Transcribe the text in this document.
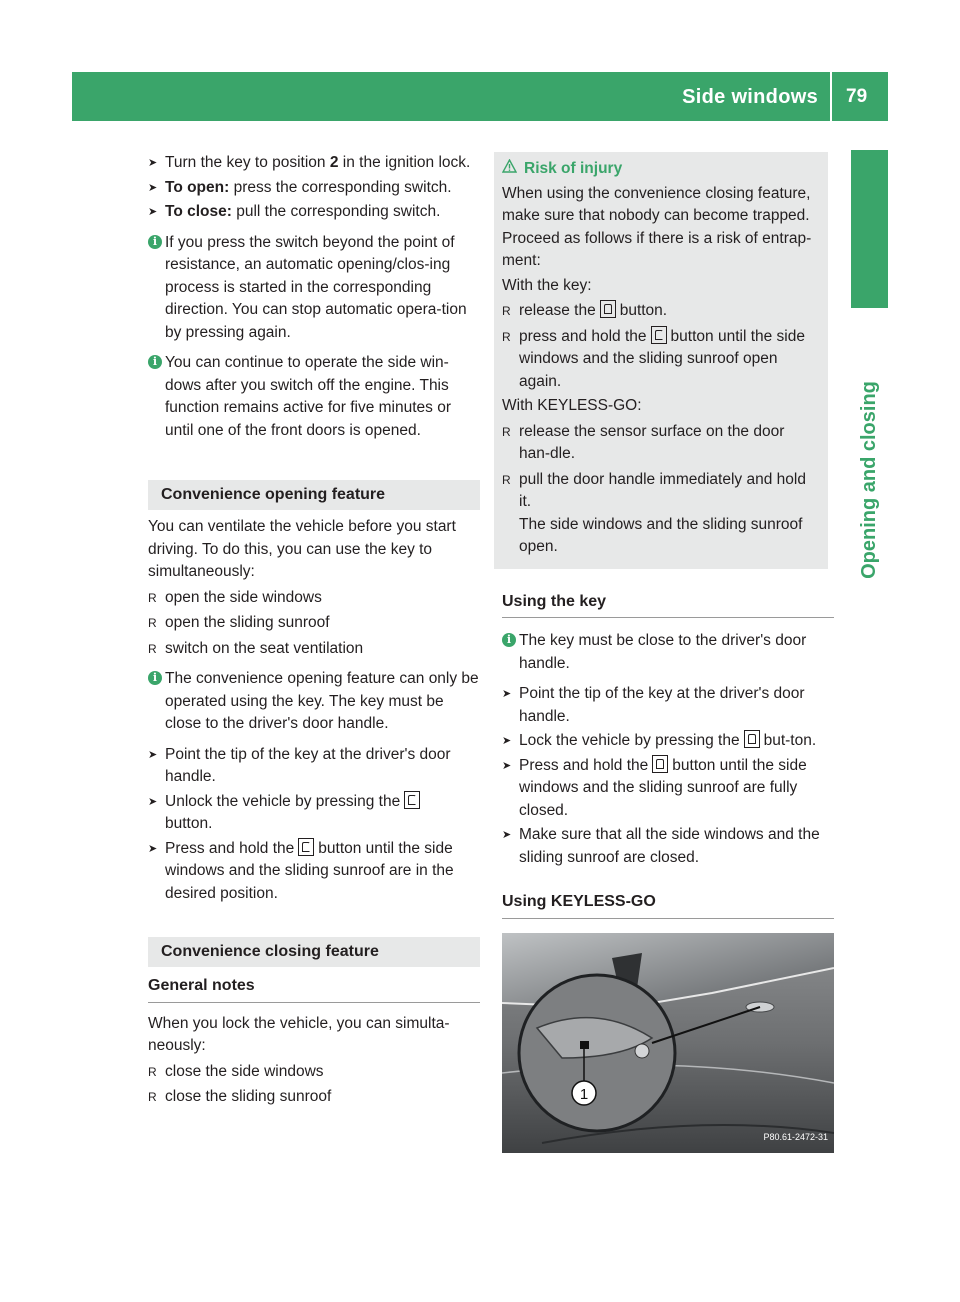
Side windows 79
Opening and closing
➤ Turn the key to position 2 in the ignition lock.
➤ To open: press the corresponding switch.
➤ To close: pull the corresponding switch.
i If you press the switch beyond the point of resistance, an automatic opening/clos-ing process is started in the corresponding direction. You can stop automatic opera-tion by pressing again.
i You can continue to operate the side win-dows after you switch off the engine. This function remains active for five minutes or until one of the front doors is opened.
Convenience opening feature
You can ventilate the vehicle before you start driving. To do this, you can use the key to simultaneously:
R open the side windows
R open the sliding sunroof
R switch on the seat ventilation
i The convenience opening feature can only be operated using the key. The key must be close to the driver's door handle.
➤ Point the tip of the key at the driver's door handle.
➤ Unlock the vehicle by pressing the
button.
➤ Press and hold the button until the side windows and the sliding sunroof are in the desired position.
Convenience closing feature
General notes
When you lock the vehicle, you can simulta-neously:
R close the side windows
R close the sliding sunroof
Risk of injury
When using the convenience closing feature, make sure that nobody can become trapped. Proceed as follows if there is a risk of entrap-ment:
With the key:
R release the button.
R press and hold the button until the side windows and the sliding sunroof open again.
With KEYLESS-GO:
R release the sensor surface on the door han-dle.
R pull the door handle immediately and hold it.
The side windows and the sliding sunroof open.
Using the key
i The key must be close to the driver's door handle.
➤ Point the tip of the key at the driver's door handle.
➤ Lock the vehicle by pressing the but-ton.
➤ Press and hold the button until the side windows and the sliding sunroof are fully closed.
➤ Make sure that all the side windows and the sliding sunroof are closed.
Using KEYLESS-GO
1
P80.61-2472-31
